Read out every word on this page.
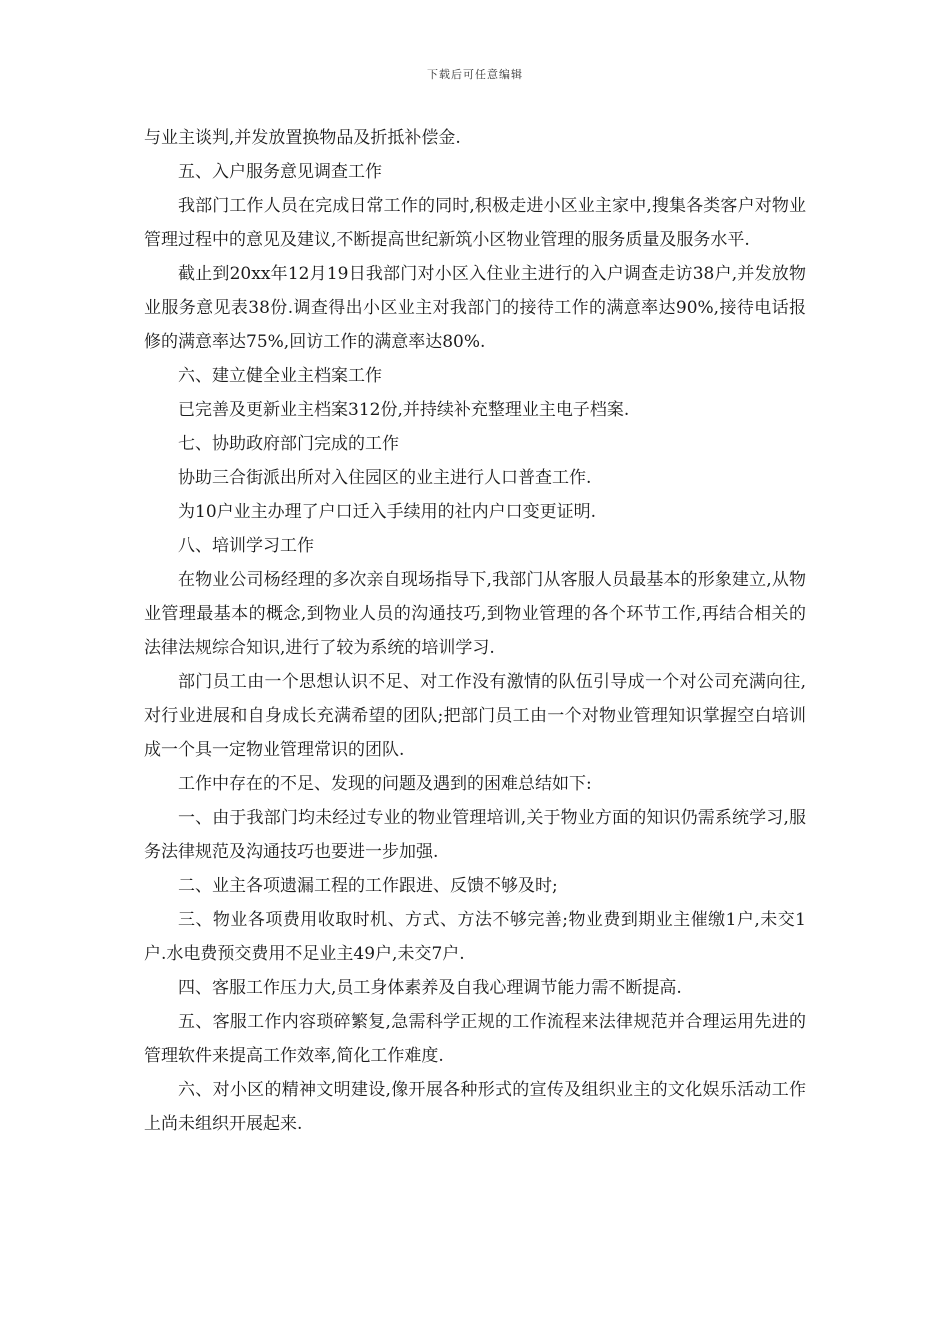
下载后可任意编辑

与业主谈判,并发放置换物品及折抵补偿金.

五、入户服务意见调查工作

我部门工作人员在完成日常工作的同时,积极走进小区业主家中,搜集各类客户对物业管理过程中的意见及建议,不断提高世纪新筑小区物业管理的服务质量及服务水平.

截止到20xx年12月19日我部门对小区入住业主进行的入户调查走访38户,并发放物业服务意见表38份.调查得出小区业主对我部门的接待工作的满意率达90%,接待电话报修的满意率达75%,回访工作的满意率达80%.

六、建立健全业主档案工作

已完善及更新业主档案312份,并持续补充整理业主电子档案.

七、协助政府部门完成的工作

协助三合街派出所对入住园区的业主进行人口普查工作.

为10户业主办理了户口迁入手续用的社内户口变更证明.

八、培训学习工作

在物业公司杨经理的多次亲自现场指导下,我部门从客服人员最基本的形象建立,从物业管理最基本的概念,到物业人员的沟通技巧,到物业管理的各个环节工作,再结合相关的法律法规综合知识,进行了较为系统的培训学习.

部门员工由一个思想认识不足、对工作没有激情的队伍引导成一个对公司充满向往,对行业进展和自身成长充满希望的团队;把部门员工由一个对物业管理知识掌握空白培训成一个具一定物业管理常识的团队.

工作中存在的不足、发现的问题及遇到的困难总结如下:

一、由于我部门均未经过专业的物业管理培训,关于物业方面的知识仍需系统学习,服务法律规范及沟通技巧也要进一步加强.

二、业主各项遗漏工程的工作跟进、反馈不够及时;

三、物业各项费用收取时机、方式、方法不够完善;物业费到期业主催缴1户,未交1户.水电费预交费用不足业主49户,未交7户.

四、客服工作压力大,员工身体素养及自我心理调节能力需不断提高.

五、客服工作内容琐碎繁复,急需科学正规的工作流程来法律规范并合理运用先进的管理软件来提高工作效率,简化工作难度.

六、对小区的精神文明建设,像开展各种形式的宣传及组织业主的文化娱乐活动工作上尚未组织开展起来.
